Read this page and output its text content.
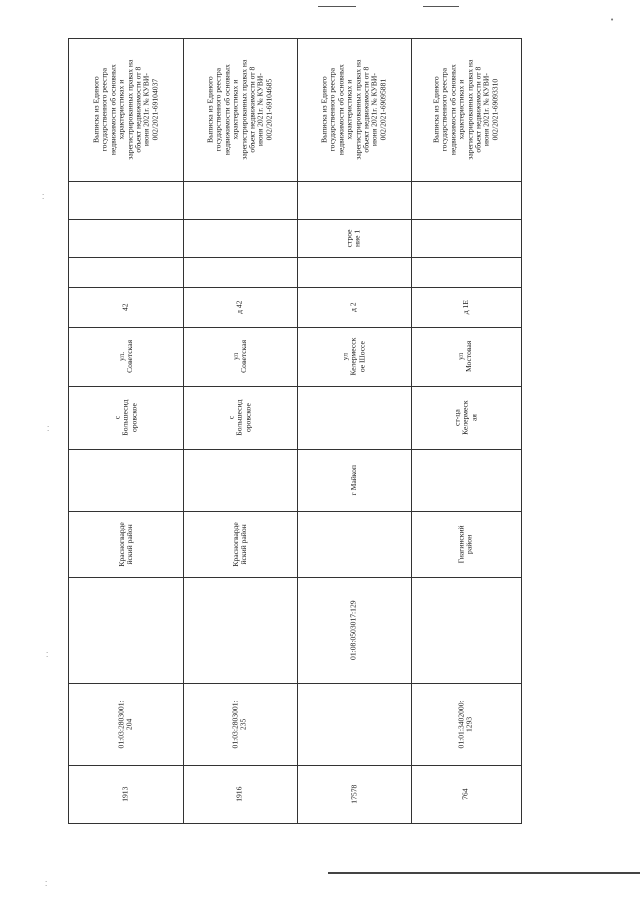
⁚
⁚
⁚
⁚
•
Выписка из Единого
государственного реестра
недвижимости об основных
характеристиках и
зарегистрированных правах на
объект недвижимости от 8
июня 2021г. № КУВИ-
002/2021-69104037
42
ул.
Советская
с
Большесид
оровское
Красногварде
йский район
01:03:2803001:
204
1913
Выписка из Единого
государственного реестра
недвижимости об основных
характеристиках и
зарегистрированных правах на
объект недвижимости от 8
июня 2021г. № КУВИ-
002/2021-69104685
д 42
ул
Советская
с
Большесид
оровское
Красногварде
йский район
01:03:2803001:
235
1916
Выписка из Единого
государственного реестра
недвижимости об основных
характеристиках и
зарегистрированных правах на
объект недвижимости от 8
июня 2021г. № КУВИ-
002/2021-69095881
строе
ние 1
д 2
ул
Келермесск
ое Шоссе
г Майкоп
01:08:0503017:129
17578
Выписка из Единого
государственного реестра
недвижимости об основных
характеристиках и
зарегистрированных правах на
объект недвижимости от 8
июня 2021г. № КУВИ-
002/2021-69093310
д 1Е
ул
Мостовая
ст-ца
Келермеск
ая
Гиагинский
район
01:01:3402000:
1293
764
